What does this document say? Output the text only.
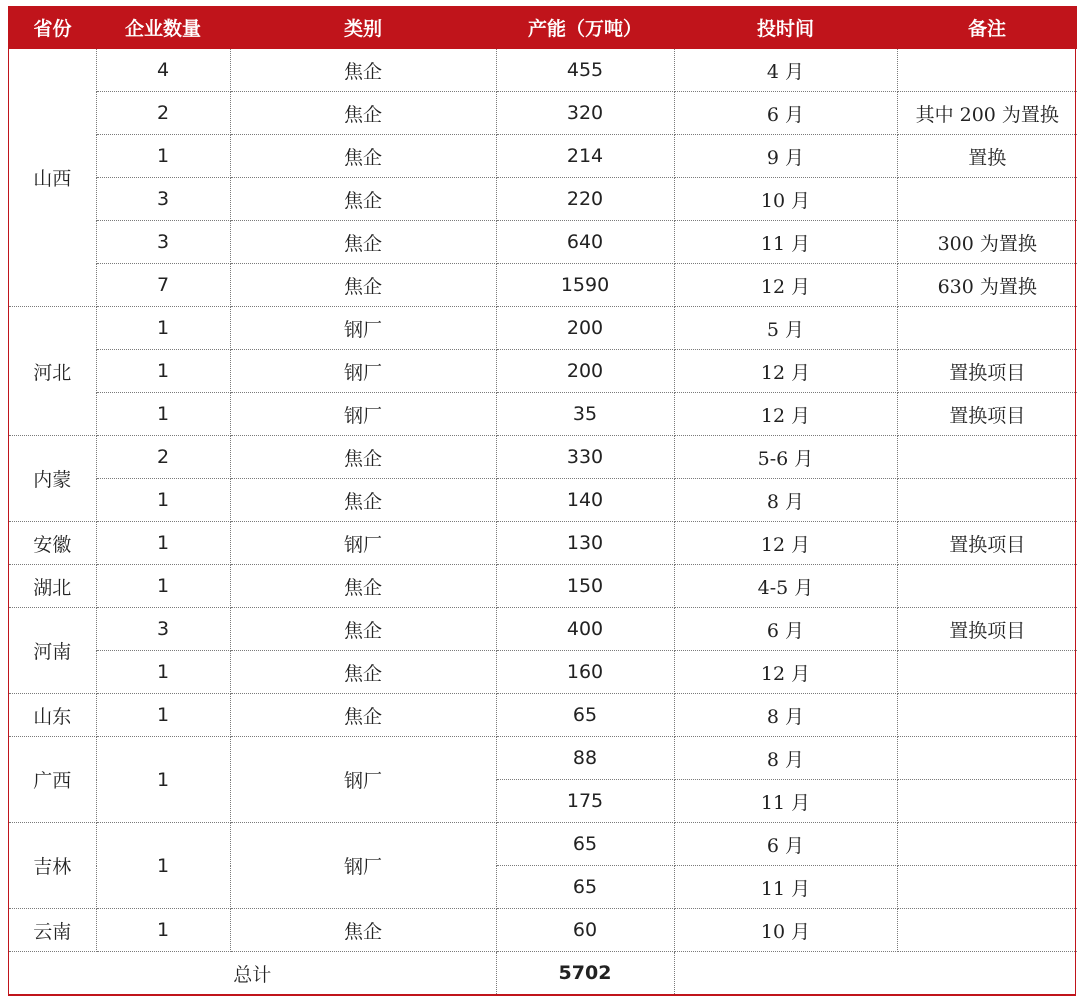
省份	企业数量	类别	产能（万吨）	投时间	备注
山西	4	焦企	455	4 月	
	2	焦企	320	6 月	其中 200 为置换
	1	焦企	214	9 月	置换
	3	焦企	220	10 月	
	3	焦企	640	11 月	300 为置换
	7	焦企	1590	12 月	630 为置换
河北	1	钢厂	200	5 月	
	1	钢厂	200	12 月	置换项目
	1	钢厂	35	12 月	置换项目
内蒙	2	焦企	330	5-6 月	
	1	焦企	140	8 月	
安徽	1	钢厂	130	12 月	置换项目
湖北	1	焦企	150	4-5 月	
河南	3	焦企	400	6 月	置换项目
	1	焦企	160	12 月	
山东	1	焦企	65	8 月	
广西	1	钢厂	88	8 月	
			175	11 月	
吉林	1	钢厂	65	6 月	
			65	11 月	
云南	1	焦企	60	10 月	
总计			5702		
